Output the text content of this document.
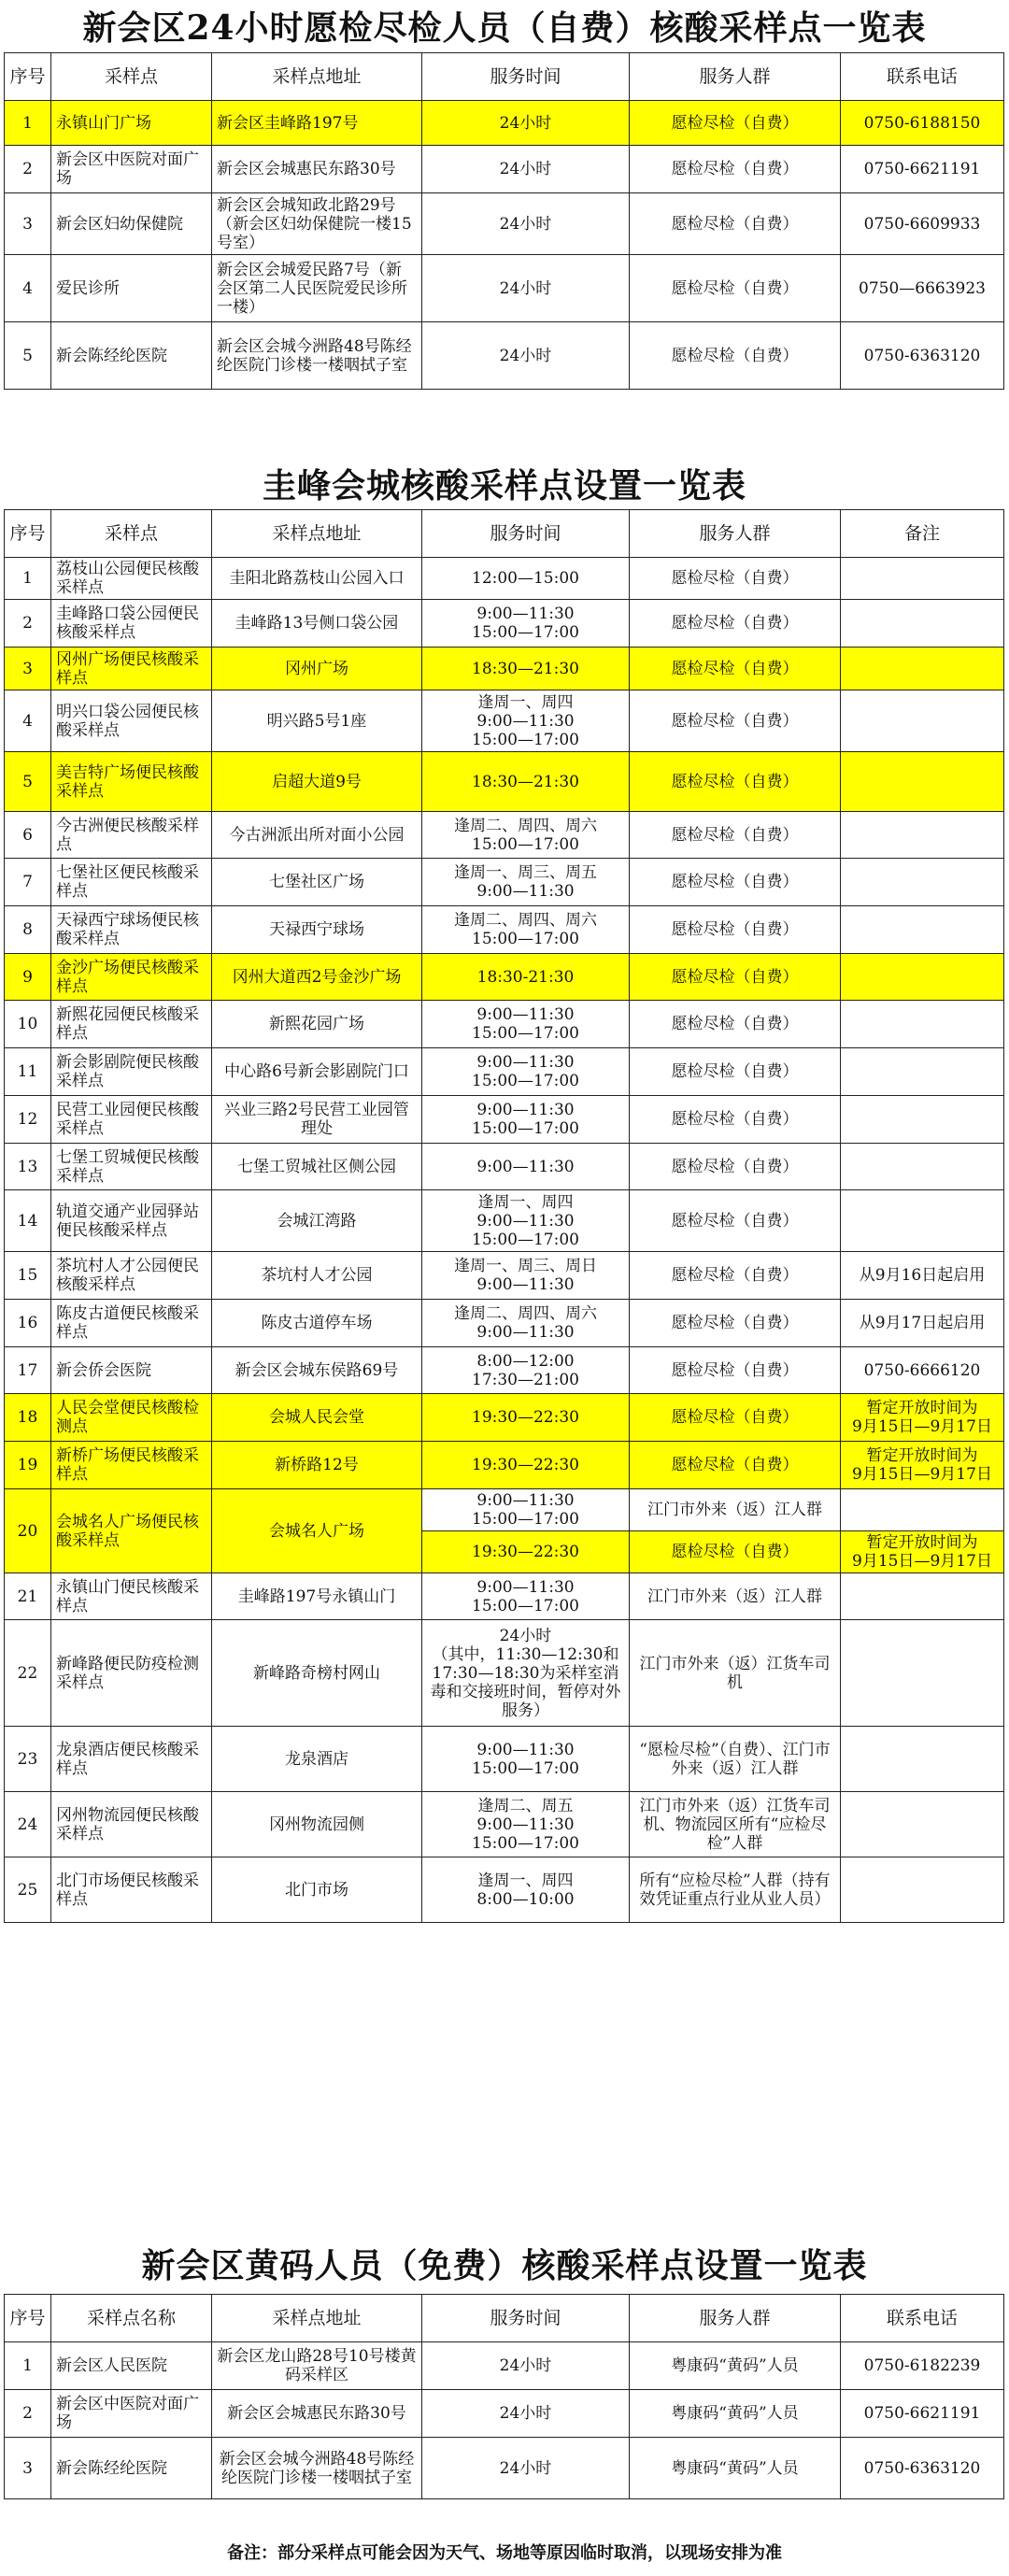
新会区24小时愿检尽检人员（自费）核酸采样点一览表
序号	采样点	采样点地址	服务时间	服务人群	联系电话
1	永镇山门广场	新会区圭峰路197号	24小时	愿检尽检（自费）	0750-6188150
2	新会区中医院对面广场	新会区会城惠民东路30号	24小时	愿检尽检（自费）	0750-6621191
3	新会区妇幼保健院	新会区会城知政北路29号（新会区妇幼保健院一楼15号室）	24小时	愿检尽检（自费）	0750-6609933
4	爱民诊所	新会区会城爱民路7号（新会区第二人民医院爱民诊所一楼）	24小时	愿检尽检（自费）	0750—6663923
5	新会陈经纶医院	新会区会城今洲路48号陈经纶医院门诊楼一楼咽拭子室	24小时	愿检尽检（自费）	0750-6363120
圭峰会城核酸采样点设置一览表
序号	采样点	采样点地址	服务时间	服务人群	备注
1	荔枝山公园便民核酸采样点	圭阳北路荔枝山公园入口	12:00—15:00	愿检尽检（自费）	
2	圭峰路口袋公园便民核酸采样点	圭峰路13号侧口袋公园	9:00—11:30
15:00—17:00	愿检尽检（自费）	
3	冈州广场便民核酸采样点	冈州广场	18:30—21:30	愿检尽检（自费）	
4	明兴口袋公园便民核酸采样点	明兴路5号1座	逢周一、周四
9:00—11:30
15:00—17:00	愿检尽检（自费）	
5	美吉特广场便民核酸采样点	启超大道9号	18:30—21:30	愿检尽检（自费）	
6	今古洲便民核酸采样点	今古洲派出所对面小公园	逢周二、周四、周六
15:00—17:00	愿检尽检（自费）	
7	七堡社区便民核酸采样点	七堡社区广场	逢周一、周三、周五
9:00—11:30	愿检尽检（自费）	
8	天禄西宁球场便民核酸采样点	天禄西宁球场	逢周二、周四、周六
15:00—17:00	愿检尽检（自费）	
9	金沙广场便民核酸采样点	冈州大道西2号金沙广场	18:30-21:30	愿检尽检（自费）	
10	新熙花园便民核酸采样点	新熙花园广场	9:00—11:30
15:00—17:00	愿检尽检（自费）	
11	新会影剧院便民核酸采样点	中心路6号新会影剧院门口	9:00—11:30
15:00—17:00	愿检尽检（自费）	
12	民营工业园便民核酸采样点	兴业三路2号民营工业园管理处	9:00—11:30
15:00—17:00	愿检尽检（自费）	
13	七堡工贸城便民核酸采样点	七堡工贸城社区侧公园	9:00—11:30	愿检尽检（自费）	
14	轨道交通产业园驿站便民核酸采样点	会城江湾路	逢周一、周四
9:00—11:30
15:00—17:00	愿检尽检（自费）	
15	茶坑村人才公园便民核酸采样点	茶坑村人才公园	逢周一、周三、周日
9:00—11:30	愿检尽检（自费）	从9月16日起启用
16	陈皮古道便民核酸采样点	陈皮古道停车场	逢周二、周四、周六
9:00—11:30	愿检尽检（自费）	从9月17日起启用
17	新会侨会医院	新会区会城东侯路69号	8:00—12:00
17:30—21:00	愿检尽检（自费）	0750-6666120
18	人民会堂便民核酸检测点	会城人民会堂	19:30—22:30	愿检尽检（自费）	暂定开放时间为
9月15日—9月17日
19	新桥广场便民核酸采样点	新桥路12号	19:30—22:30	愿检尽检（自费）	暂定开放时间为
9月15日—9月17日
20	会城名人广场便民核酸采样点	会城名人广场	9:00—11:30
15:00—17:00	江门市外来（返）江人群	
			19:30—22:30	愿检尽检（自费）	暂定开放时间为
9月15日—9月17日
21	永镇山门便民核酸采样点	圭峰路197号永镇山门	9:00—11:30
15:00—17:00	江门市外来（返）江人群	
22	新峰路便民防疫检测采样点	新峰路奇榜村网山	24小时
（其中，11:30—12:30和17:30—18:30为采样室消毒和交接班时间，暂停对外服务）	江门市外来（返）江货车司机	
23	龙泉酒店便民核酸采样点	龙泉酒店	9:00—11:30
15:00—17:00	“愿检尽检”（自费）、江门市外来（返）江人群	
24	冈州物流园便民核酸采样点	冈州物流园侧	逢周二、周五
9:00—11:30
15:00—17:00	江门市外来（返）江货车司机、物流园区所有“应检尽检”人群	
25	北门市场便民核酸采样点	北门市场	逢周一、周四
8:00—10:00	所有“应检尽检”人群（持有效凭证重点行业从业人员）	
新会区黄码人员（免费）核酸采样点设置一览表
序号	采样点名称	采样点地址	服务时间	服务人群	联系电话
1	新会区人民医院	新会区龙山路28号10号楼黄码采样区	24小时	粤康码“黄码”人员	0750-6182239
2	新会区中医院对面广场	新会区会城惠民东路30号	24小时	粤康码“黄码”人员	0750-6621191
3	新会陈经纶医院	新会区会城今洲路48号陈经纶医院门诊楼一楼咽拭子室	24小时	粤康码“黄码”人员	0750-6363120
备注：部分采样点可能会因为天气、场地等原因临时取消，以现场安排为准
